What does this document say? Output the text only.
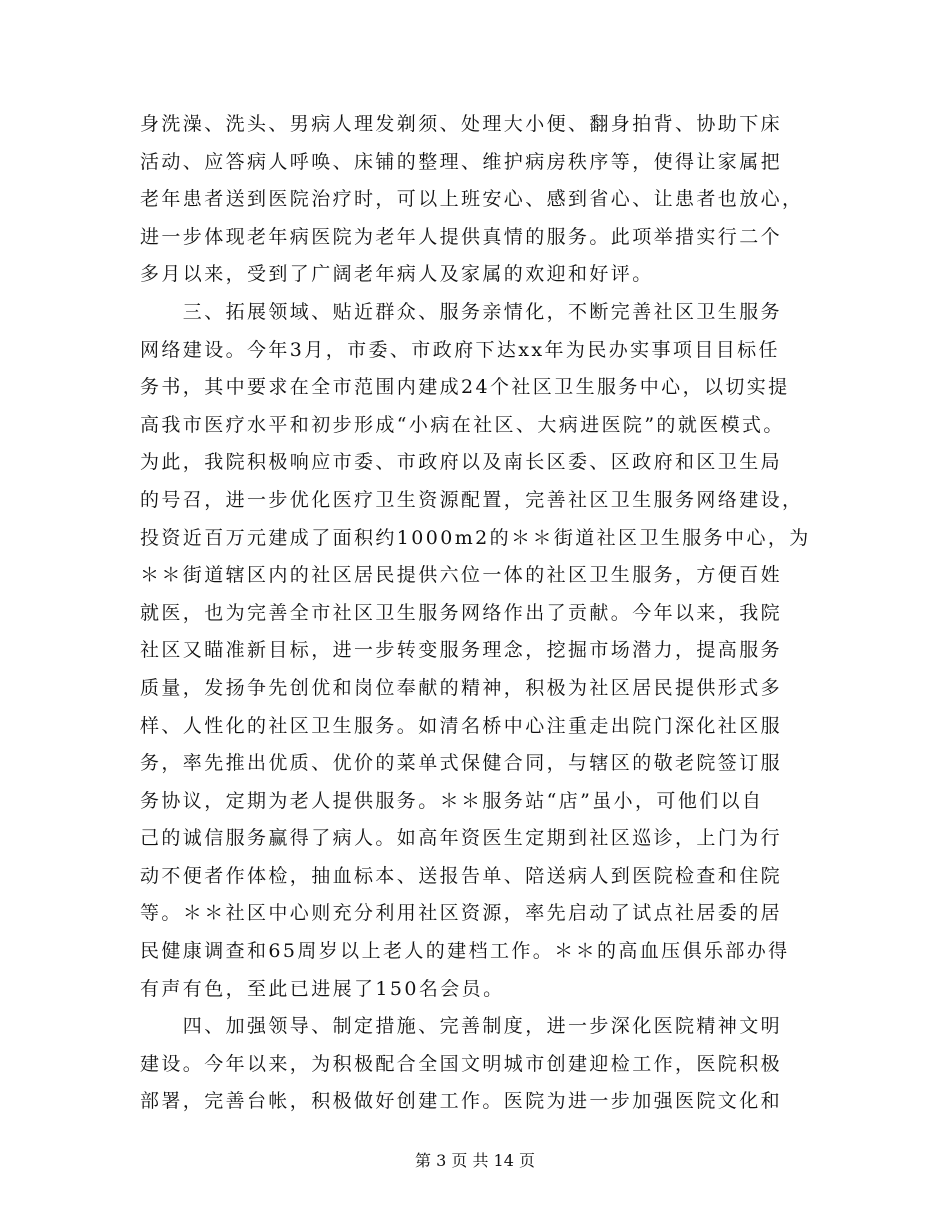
身洗澡、洗头、男病人理发剃须、处理大小便、翻身拍背、协助下床
活动、应答病人呼唤、床铺的整理、维护病房秩序等，使得让家属把
老年患者送到医院治疗时，可以上班安心、感到省心、让患者也放心，
进一步体现老年病医院为老年人提供真情的服务。此项举措实行二个
多月以来，受到了广阔老年病人及家属的欢迎和好评。
　　三、拓展领域、贴近群众、服务亲情化，不断完善社区卫生服务
网络建设。今年3月，市委、市政府下达xx年为民办实事项目目标任
务书，其中要求在全市范围内建成24个社区卫生服务中心，以切实提
高我市医疗水平和初步形成“小病在社区、大病进医院”的就医模式。
为此，我院积极响应市委、市政府以及南长区委、区政府和区卫生局
的号召，进一步优化医疗卫生资源配置，完善社区卫生服务网络建设，
投资近百万元建成了面积约1000m2的＊＊街道社区卫生服务中心，为
＊＊街道辖区内的社区居民提供六位一体的社区卫生服务，方便百姓
就医，也为完善全市社区卫生服务网络作出了贡献。今年以来，我院
社区又瞄准新目标，进一步转变服务理念，挖掘市场潜力，提高服务
质量，发扬争先创优和岗位奉献的精神，积极为社区居民提供形式多
样、人性化的社区卫生服务。如清名桥中心注重走出院门深化社区服
务，率先推出优质、优价的菜单式保健合同，与辖区的敬老院签订服
务协议，定期为老人提供服务。＊＊服务站“店”虽小，可他们以自
己的诚信服务赢得了病人。如高年资医生定期到社区巡诊，上门为行
动不便者作体检，抽血标本、送报告单、陪送病人到医院检查和住院
等。＊＊社区中心则充分利用社区资源，率先启动了试点社居委的居
民健康调查和65周岁以上老人的建档工作。＊＊的高血压俱乐部办得
有声有色，至此已进展了150名会员。
　　四、加强领导、制定措施、完善制度，进一步深化医院精神文明
建设。今年以来，为积极配合全国文明城市创建迎检工作，医院积极
部署，完善台帐，积极做好创建工作。医院为进一步加强医院文化和
第 3 页 共 14 页
